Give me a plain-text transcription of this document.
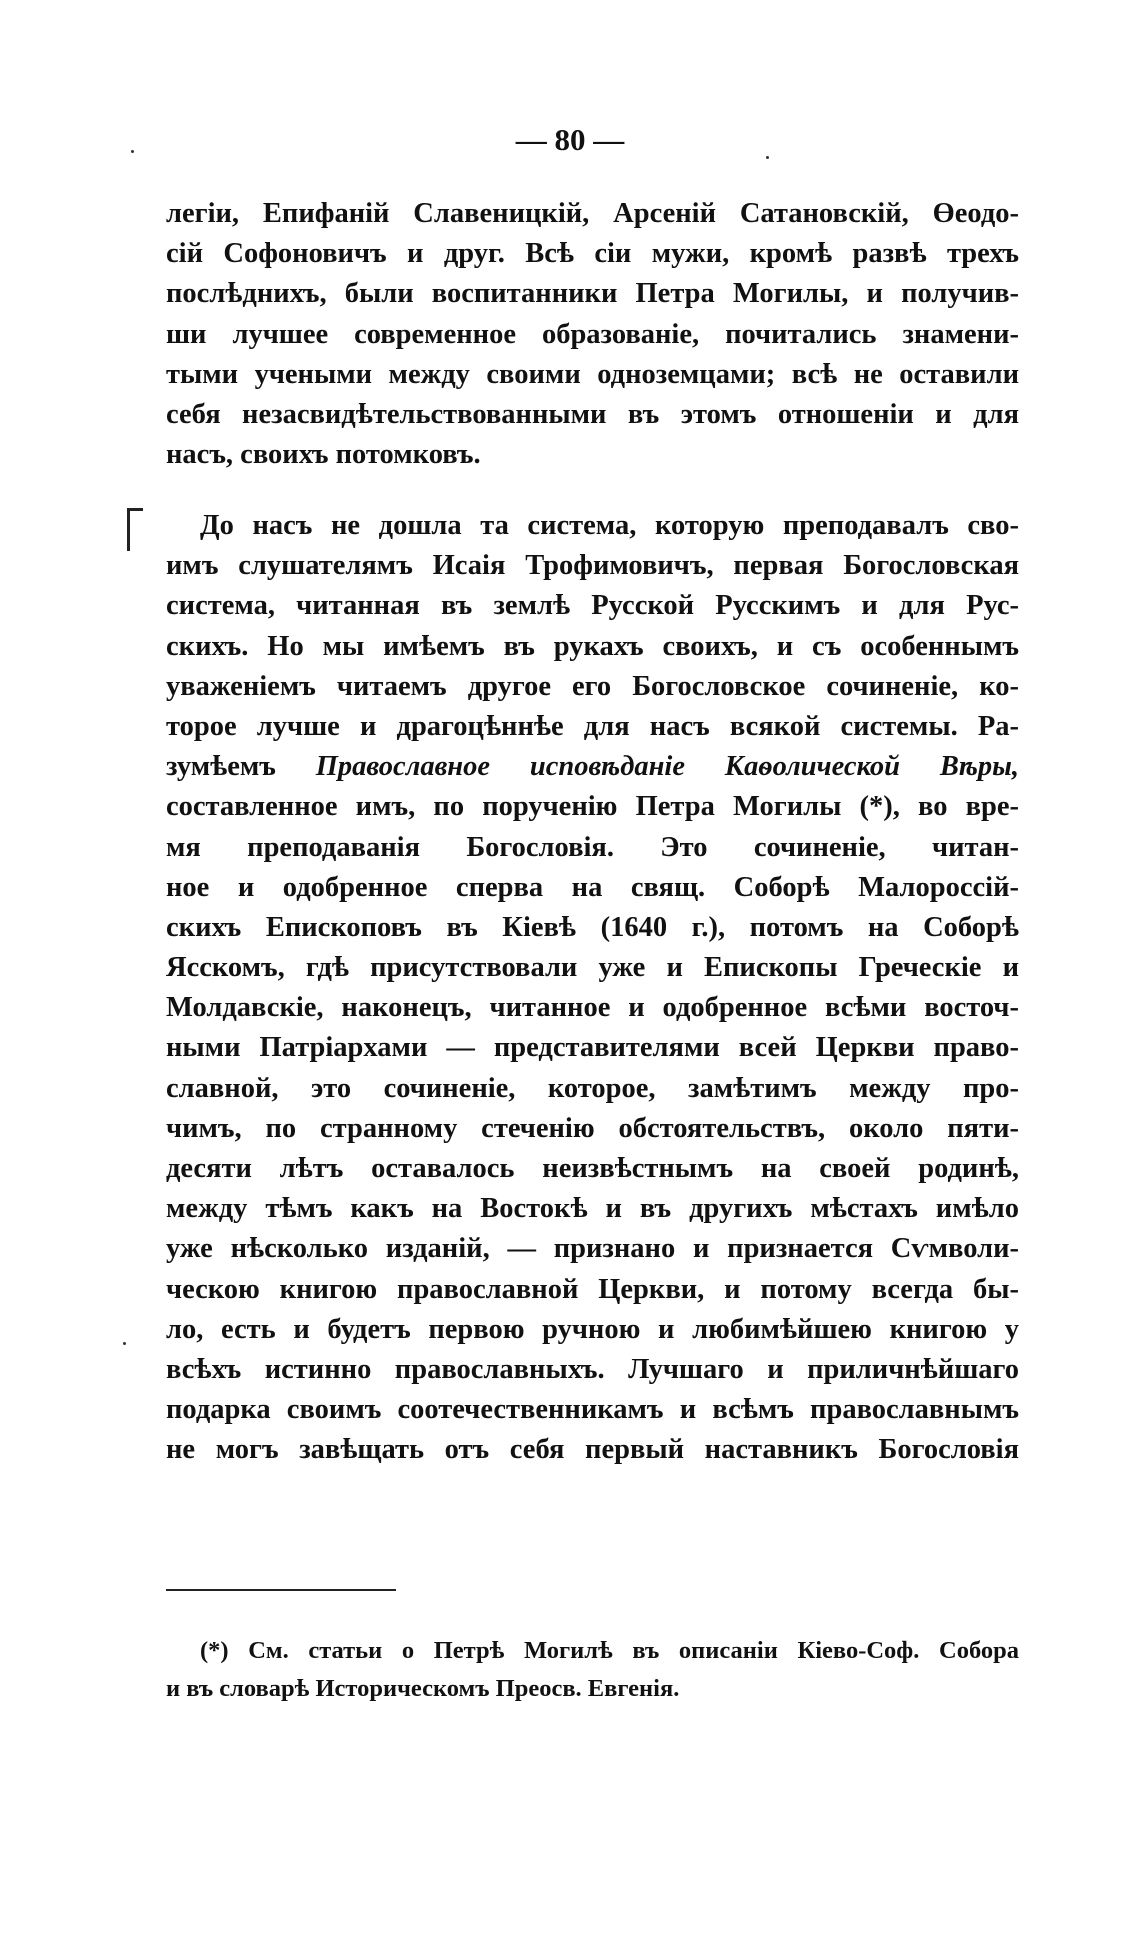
— 80 —
легіи, Епифаній Славеницкій, Арсеній Сатановскій, Өеодо-
сій Софоновичъ и друг. Всѣ сіи мужи, кромѣ развѣ трехъ
послѣднихъ, были воспитанники Петра Могилы, и получив-
ши лучшее современное образованіе, почитались знамени-
тыми учеными между своими одноземцами; всѣ не оставили
себя незасвидѣтельствованными въ этомъ отношеніи и для
насъ, своихъ потомковъ.
До насъ не дошла та система, которую преподавалъ сво-
имъ слушателямъ Исаія Трофимовичъ, первая Богословская
система, читанная въ землѣ Русской Русскимъ и для Рус-
скихъ. Но мы имѣемъ въ рукахъ своихъ, и съ особеннымъ
уваженіемъ читаемъ другое его Богословское сочиненіе, ко-
торое лучше и драгоцѣннѣе для насъ всякой системы. Ра-
зумѣемъ Православное исповѣданіе Каѳолической Вѣры,
составленное имъ, по порученію Петра Могилы (*), во вре-
мя преподаванія Богословія. Это сочиненіе, читан-
ное и одобренное сперва на свящ. Соборѣ Малороссій-
скихъ Епископовъ въ Кіевѣ (1640 г.), потомъ на Соборѣ
Ясскомъ, гдѣ присутствовали уже и Епископы Греческіе и
Молдавскіе, наконецъ, читанное и одобренное всѣми восточ-
ными Патріархами — представителями всей Церкви право-
славной, это сочиненіе, которое, замѣтимъ между про-
чимъ, по странному стеченію обстоятельствъ, около пяти-
десяти лѣтъ оставалось неизвѣстнымъ на своей родинѣ,
между тѣмъ какъ на Востокѣ и въ другихъ мѣстахъ имѣло
уже нѣсколько изданій, — признано и признается Сѵмволи-
ческою книгою православной Церкви, и потому всегда бы-
ло, есть и будетъ первою ручною и любимѣйшею книгою у
всѣхъ истинно православныхъ. Лучшаго и приличнѣйшаго
подарка своимъ соотечественникамъ и всѣмъ православнымъ
не могъ завѣщать отъ себя первый наставникъ Богословія
(*) См. статьи о Петрѣ Могилѣ въ описаніи Кіево-Соф. Собора
и въ словарѣ Историческомъ Преосв. Евгенія.
